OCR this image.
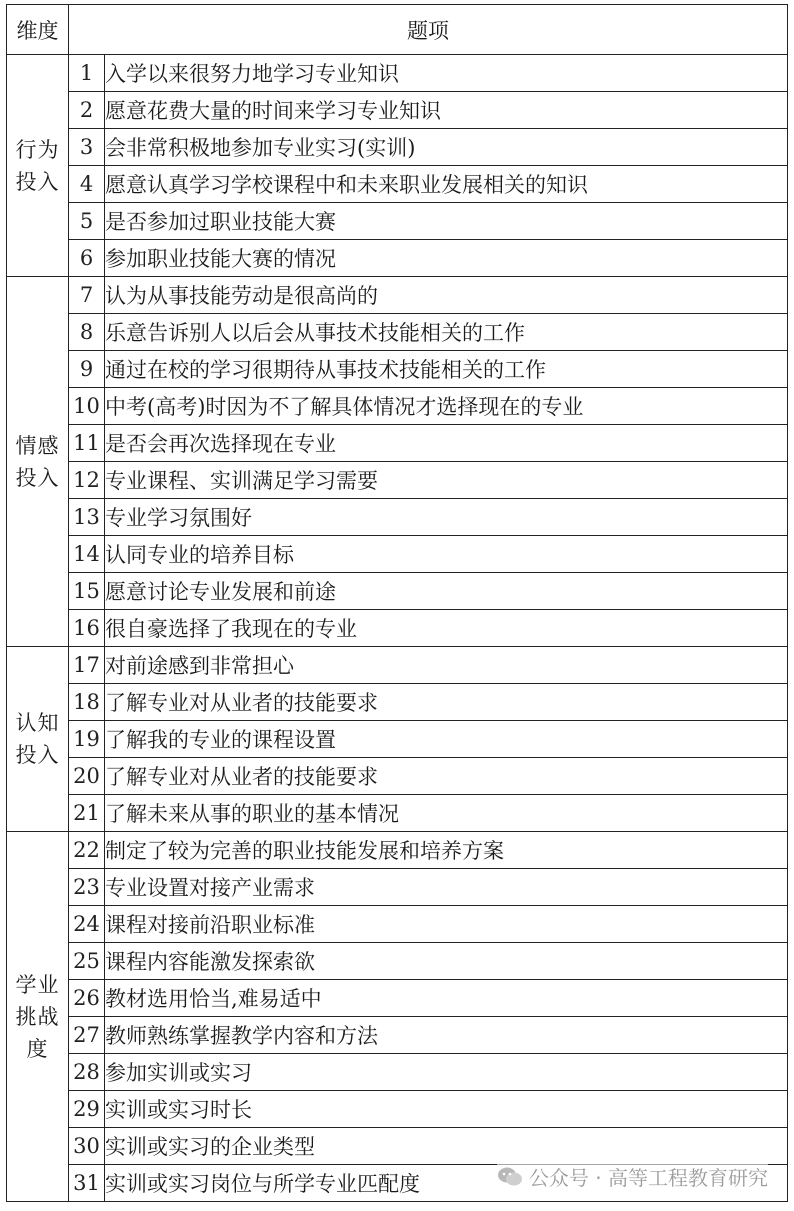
维度	题项	
行为投入	1	入学以来很努力地学习专业知识
	2	愿意花费大量的时间来学习专业知识
	3	会非常积极地参加专业实习(实训)
	4	愿意认真学习学校课程中和未来职业发展相关的知识
	5	是否参加过职业技能大赛
	6	参加职业技能大赛的情况
情感投入	7	认为从事技能劳动是很高尚的
	8	乐意告诉别人以后会从事技术技能相关的工作
	9	通过在校的学习很期待从事技术技能相关的工作
	10	中考(高考)时因为不了解具体情况才选择现在的专业
	11	是否会再次选择现在专业
	12	专业课程、实训满足学习需要
	13	专业学习氛围好
	14	认同专业的培养目标
	15	愿意讨论专业发展和前途
	16	很自豪选择了我现在的专业
认知投入	17	对前途感到非常担心
	18	了解专业对从业者的技能要求
	19	了解我的专业的课程设置
	20	了解专业对从业者的技能要求
	21	了解未来从事的职业的基本情况
学业挑战度	22	制定了较为完善的职业技能发展和培养方案
	23	专业设置对接产业需求
	24	课程对接前沿职业标准
	25	课程内容能激发探索欲
	26	教材选用恰当,难易适中
	27	教师熟练掌握教学内容和方法
	28	参加实训或实习
	29	实训或实习时长
	30	实训或实习的企业类型
	31	实训或实习岗位与所学专业匹配度	公众号 · 高等工程教育研究
